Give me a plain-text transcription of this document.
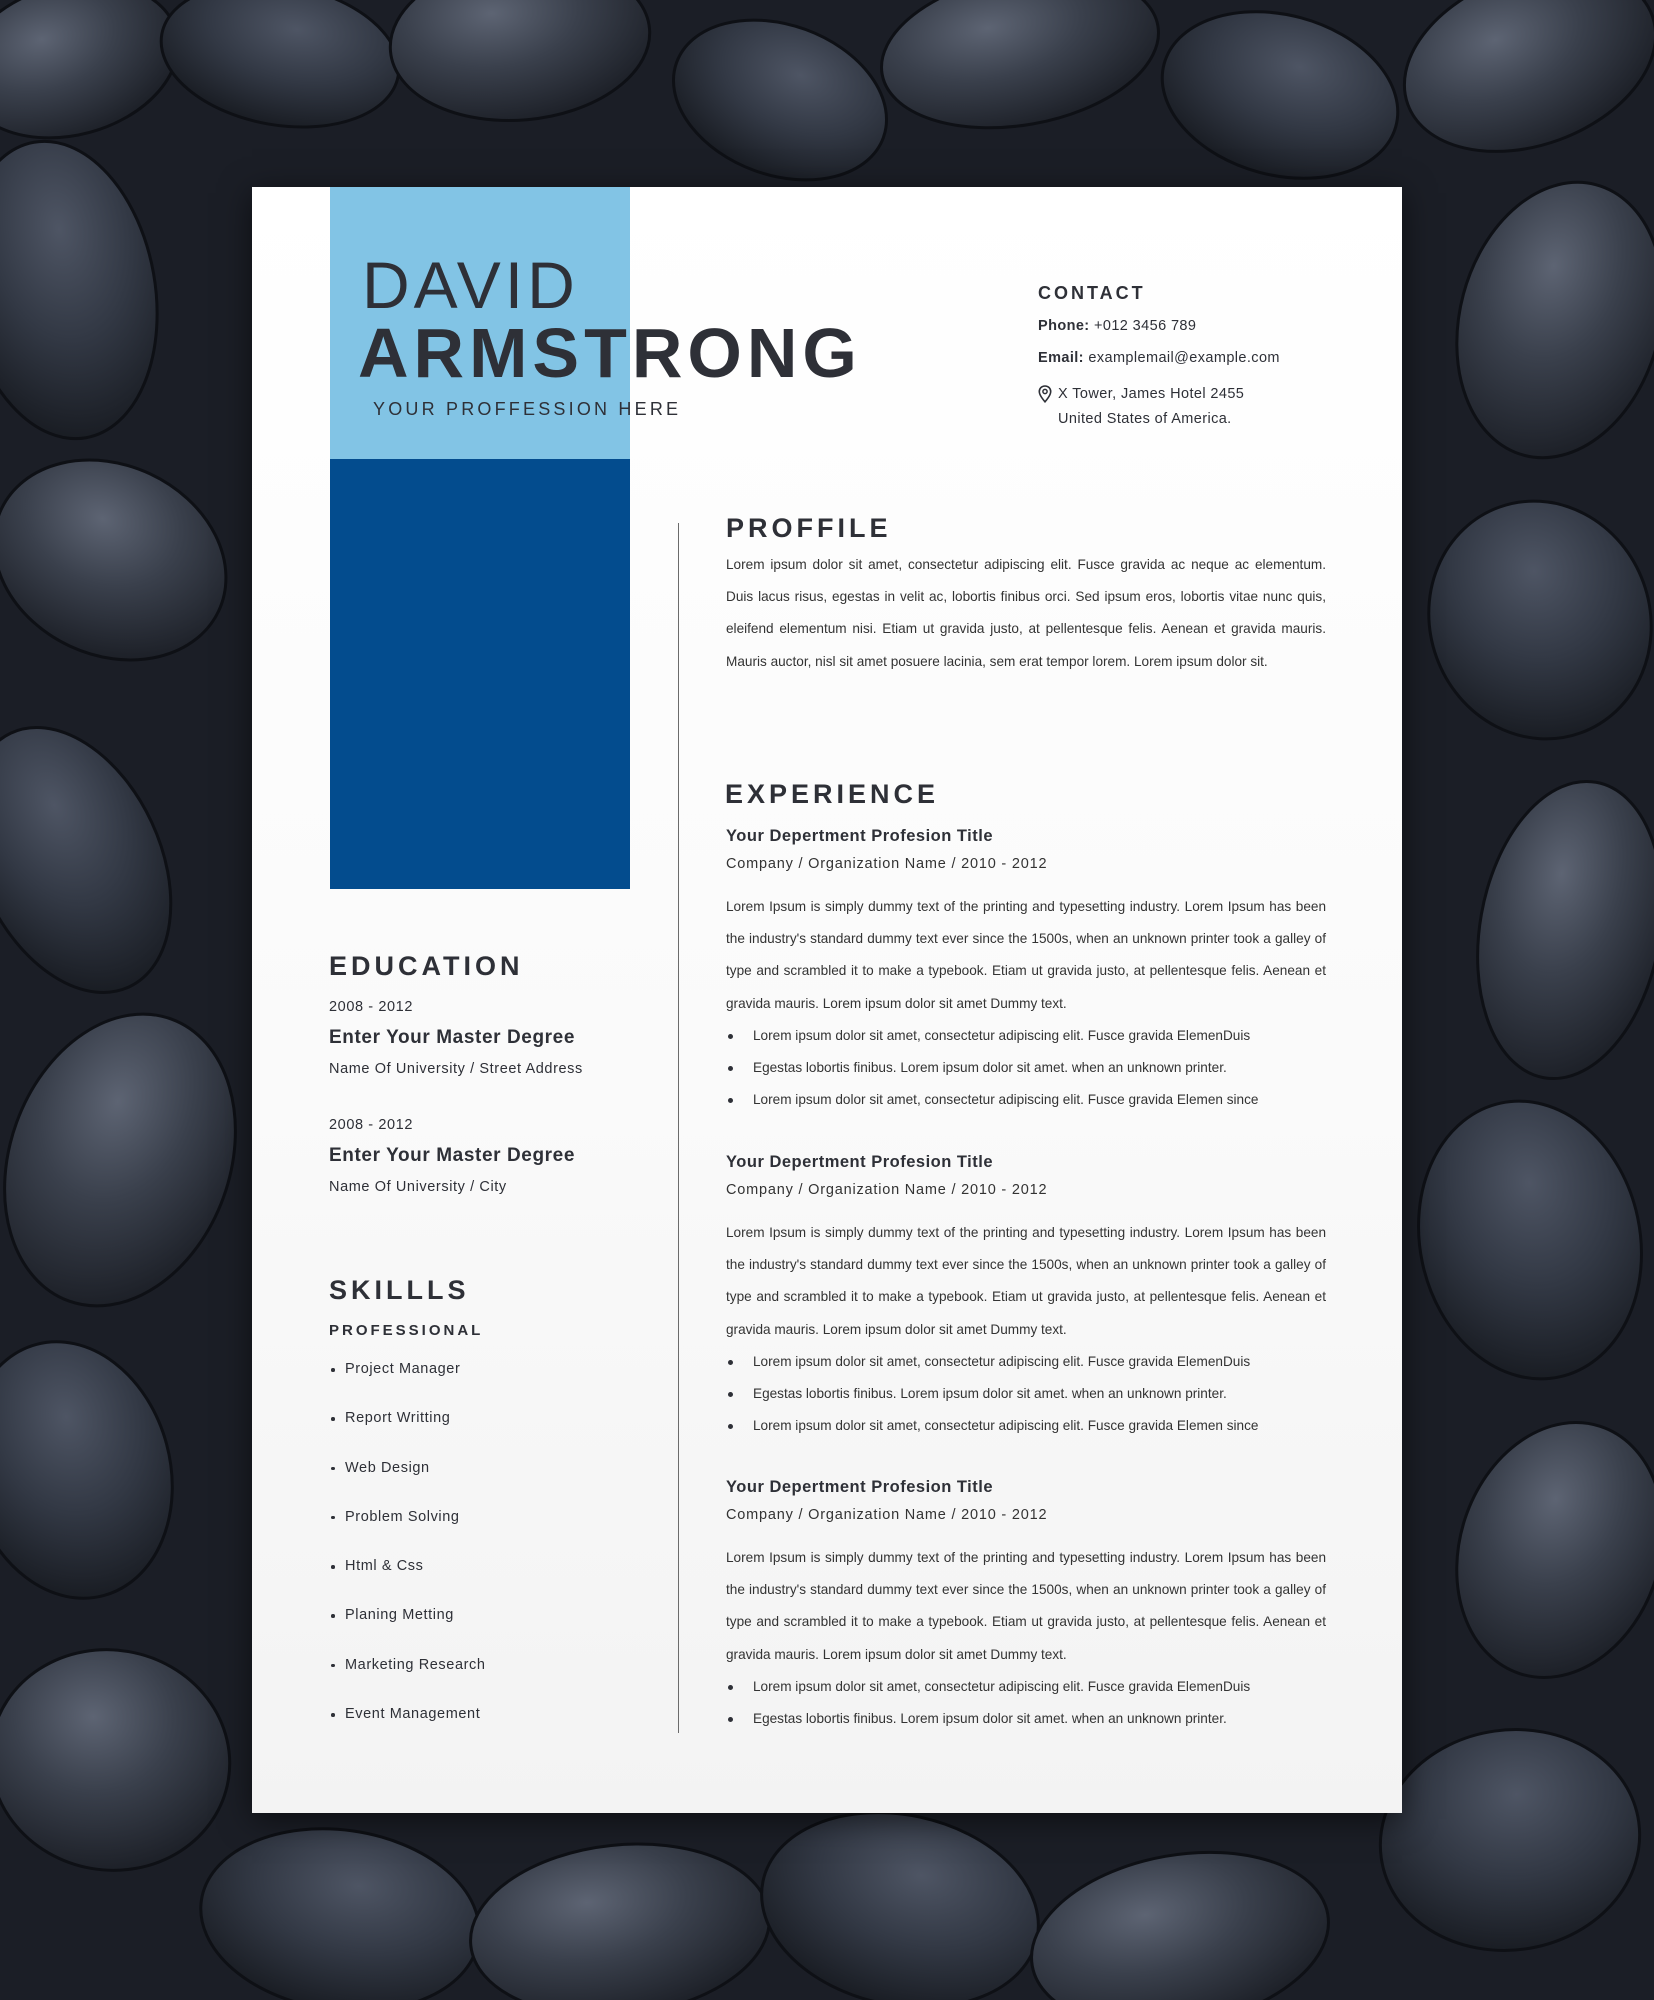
DAVID
ARMSTRONG
YOUR PROFFESSION HERE
CONTACT
Phone: +012 3456 789
Email: examplemail@example.com
X Tower, James Hotel 2455
United States of America.
PROFFILE
Lorem ipsum dolor sit amet, consectetur adipiscing elit. Fusce gravida ac neque ac elementum. Duis lacus risus, egestas in velit ac, lobortis finibus orci. Sed ipsum eros, lobortis vitae nunc quis, eleifend elementum nisi. Etiam ut gravida justo, at pellentesque felis. Aenean et gravida mauris. Mauris auctor, nisl sit amet posuere lacinia, sem erat tempor lorem. Lorem ipsum dolor sit.
EXPERIENCE
Your Depertment Profesion Title
Company / Organization Name / 2010 - 2012
Lorem Ipsum is simply dummy text of the printing and typesetting industry. Lorem Ipsum has been the industry's standard dummy text ever since the 1500s, when an unknown printer took a galley of type and scrambled it to make a typebook. Etiam ut gravida justo, at pellentesque felis. Aenean et gravida mauris. Lorem ipsum dolor sit amet Dummy text.
Lorem ipsum dolor sit amet, consectetur adipiscing elit. Fusce gravida ElemenDuis
Egestas lobortis finibus. Lorem ipsum dolor sit amet. when an unknown printer.
Lorem ipsum dolor sit amet, consectetur adipiscing elit. Fusce gravida Elemen since
Your Depertment Profesion Title
Company / Organization Name / 2010 - 2012
Lorem Ipsum is simply dummy text of the printing and typesetting industry. Lorem Ipsum has been the industry's standard dummy text ever since the 1500s, when an unknown printer took a galley of type and scrambled it to make a typebook. Etiam ut gravida justo, at pellentesque felis. Aenean et gravida mauris. Lorem ipsum dolor sit amet Dummy text.
Lorem ipsum dolor sit amet, consectetur adipiscing elit. Fusce gravida ElemenDuis
Egestas lobortis finibus. Lorem ipsum dolor sit amet. when an unknown printer.
Lorem ipsum dolor sit amet, consectetur adipiscing elit. Fusce gravida Elemen since
Your Depertment Profesion Title
Company / Organization Name / 2010 - 2012
Lorem Ipsum is simply dummy text of the printing and typesetting industry. Lorem Ipsum has been the industry's standard dummy text ever since the 1500s, when an unknown printer took a galley of type and scrambled it to make a typebook. Etiam ut gravida justo, at pellentesque felis. Aenean et gravida mauris. Lorem ipsum dolor sit amet Dummy text.
Lorem ipsum dolor sit amet, consectetur adipiscing elit. Fusce gravida ElemenDuis
Egestas lobortis finibus. Lorem ipsum dolor sit amet. when an unknown printer.
EDUCATION
2008 - 2012
Enter Your Master Degree
Name Of University / Street Address
2008 - 2012
Enter Your Master Degree
Name Of University / City
SKILLLS
PROFESSIONAL
Project Manager
Report Writting
Web Design
Problem Solving
Html & Css
Planing Metting
Marketing Research
Event Management
